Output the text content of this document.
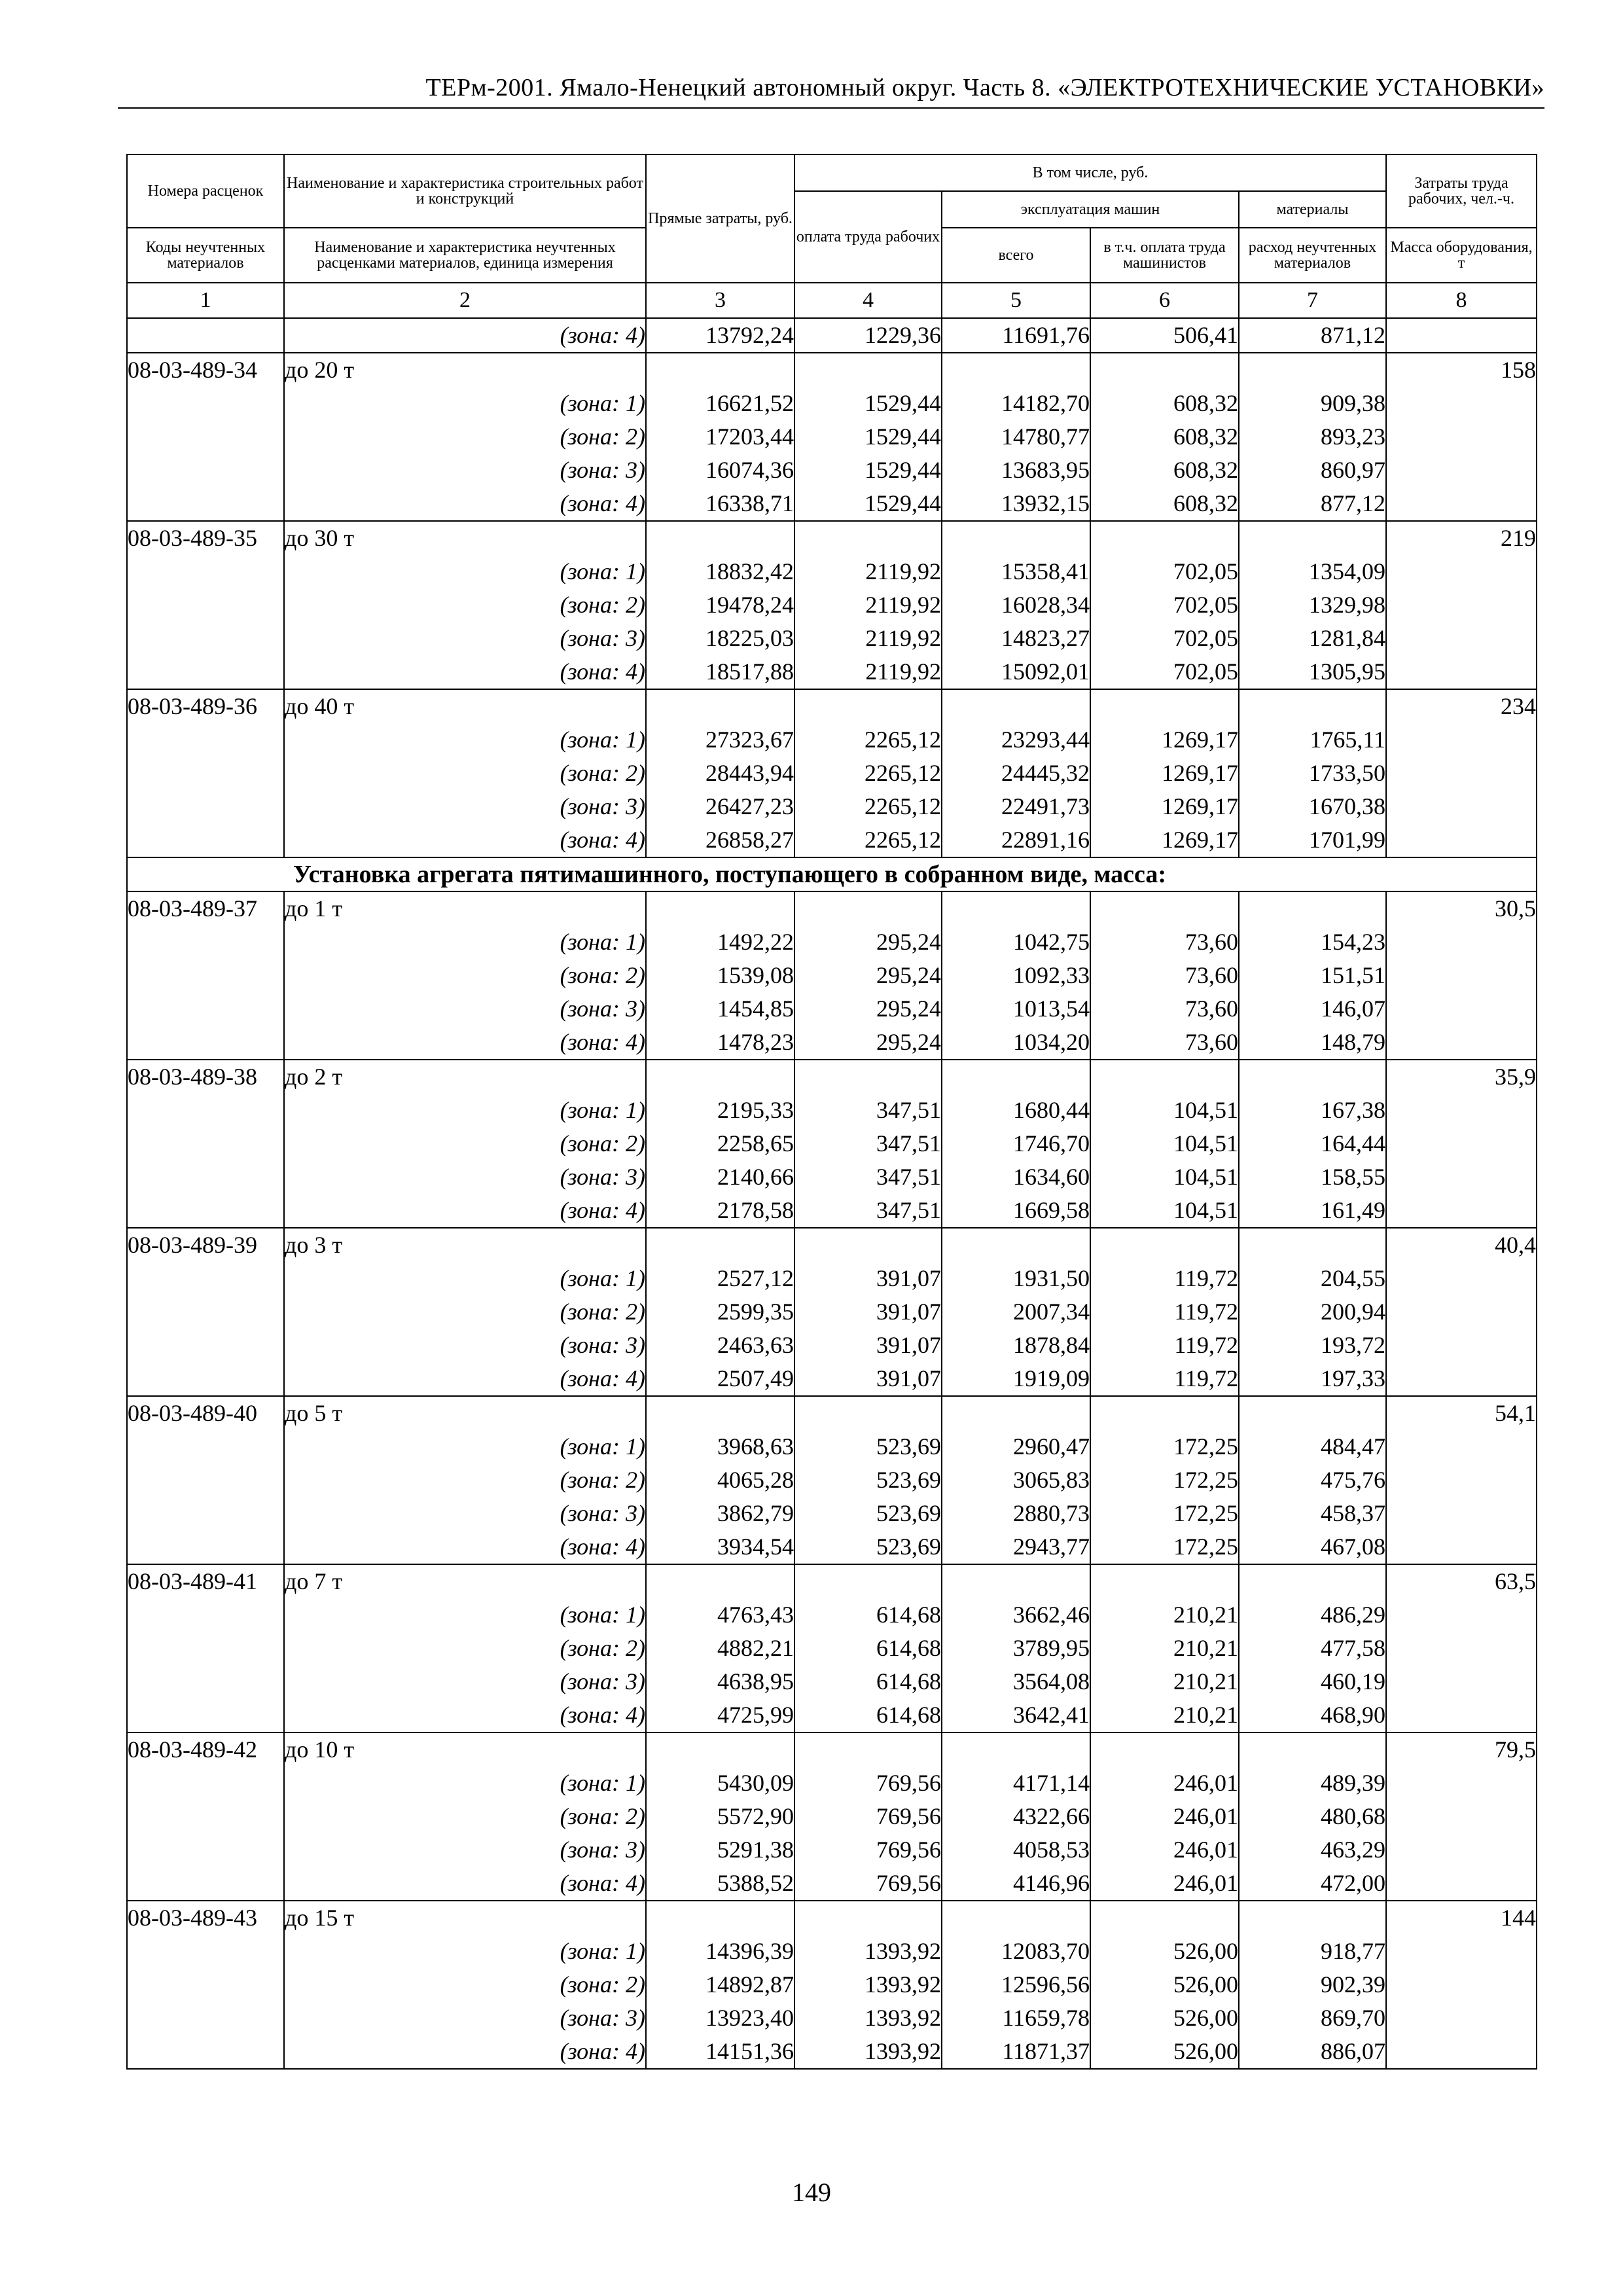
ТЕРм-2001. Ямало-Ненецкий автономный округ. Часть 8. «ЭЛЕКТРОТЕХНИЧЕСКИЕ УСТАНОВКИ»
Номера расценок	Наименование и характеристика строительных работ и конструкций	Прямые затраты, руб.	В том числе, руб.				Затраты труда рабочих, чел.-ч.
			оплата труда рабочих	эксплуатация машин		материалы	
Коды неучтенных материалов	Наименование и характеристика неучтенных расценками материалов, единица измерения			всего	в т.ч. оплата труда машинистов	расход неучтенных материалов	Масса оборудования, т
1	2	3	4	5	6	7	8
	(зона: 4)	13792,24	1229,36	11691,76	506,41	871,12	
08-03-489-34	до 20 т						158
	(зона: 1)	16621,52	1529,44	14182,70	608,32	909,38	
	(зона: 2)	17203,44	1529,44	14780,77	608,32	893,23	
	(зона: 3)	16074,36	1529,44	13683,95	608,32	860,97	
	(зона: 4)	16338,71	1529,44	13932,15	608,32	877,12	
08-03-489-35	до 30 т						219
	(зона: 1)	18832,42	2119,92	15358,41	702,05	1354,09	
	(зона: 2)	19478,24	2119,92	16028,34	702,05	1329,98	
	(зона: 3)	18225,03	2119,92	14823,27	702,05	1281,84	
	(зона: 4)	18517,88	2119,92	15092,01	702,05	1305,95	
08-03-489-36	до 40 т						234
	(зона: 1)	27323,67	2265,12	23293,44	1269,17	1765,11	
	(зона: 2)	28443,94	2265,12	24445,32	1269,17	1733,50	
	(зона: 3)	26427,23	2265,12	22491,73	1269,17	1670,38	
	(зона: 4)	26858,27	2265,12	22891,16	1269,17	1701,99	
Установка агрегата пятимашинного, поступающего в собранном виде, масса:							
08-03-489-37	до 1 т						30,5
	(зона: 1)	1492,22	295,24	1042,75	73,60	154,23	
	(зона: 2)	1539,08	295,24	1092,33	73,60	151,51	
	(зона: 3)	1454,85	295,24	1013,54	73,60	146,07	
	(зона: 4)	1478,23	295,24	1034,20	73,60	148,79	
08-03-489-38	до 2 т						35,9
	(зона: 1)	2195,33	347,51	1680,44	104,51	167,38	
	(зона: 2)	2258,65	347,51	1746,70	104,51	164,44	
	(зона: 3)	2140,66	347,51	1634,60	104,51	158,55	
	(зона: 4)	2178,58	347,51	1669,58	104,51	161,49	
08-03-489-39	до 3 т						40,4
	(зона: 1)	2527,12	391,07	1931,50	119,72	204,55	
	(зона: 2)	2599,35	391,07	2007,34	119,72	200,94	
	(зона: 3)	2463,63	391,07	1878,84	119,72	193,72	
	(зона: 4)	2507,49	391,07	1919,09	119,72	197,33	
08-03-489-40	до 5 т						54,1
	(зона: 1)	3968,63	523,69	2960,47	172,25	484,47	
	(зона: 2)	4065,28	523,69	3065,83	172,25	475,76	
	(зона: 3)	3862,79	523,69	2880,73	172,25	458,37	
	(зона: 4)	3934,54	523,69	2943,77	172,25	467,08	
08-03-489-41	до 7 т						63,5
	(зона: 1)	4763,43	614,68	3662,46	210,21	486,29	
	(зона: 2)	4882,21	614,68	3789,95	210,21	477,58	
	(зона: 3)	4638,95	614,68	3564,08	210,21	460,19	
	(зона: 4)	4725,99	614,68	3642,41	210,21	468,90	
08-03-489-42	до 10 т						79,5
	(зона: 1)	5430,09	769,56	4171,14	246,01	489,39	
	(зона: 2)	5572,90	769,56	4322,66	246,01	480,68	
	(зона: 3)	5291,38	769,56	4058,53	246,01	463,29	
	(зона: 4)	5388,52	769,56	4146,96	246,01	472,00	
08-03-489-43	до 15 т						144
	(зона: 1)	14396,39	1393,92	12083,70	526,00	918,77	
	(зона: 2)	14892,87	1393,92	12596,56	526,00	902,39	
	(зона: 3)	13923,40	1393,92	11659,78	526,00	869,70	
	(зона: 4)	14151,36	1393,92	11871,37	526,00	886,07	
149
